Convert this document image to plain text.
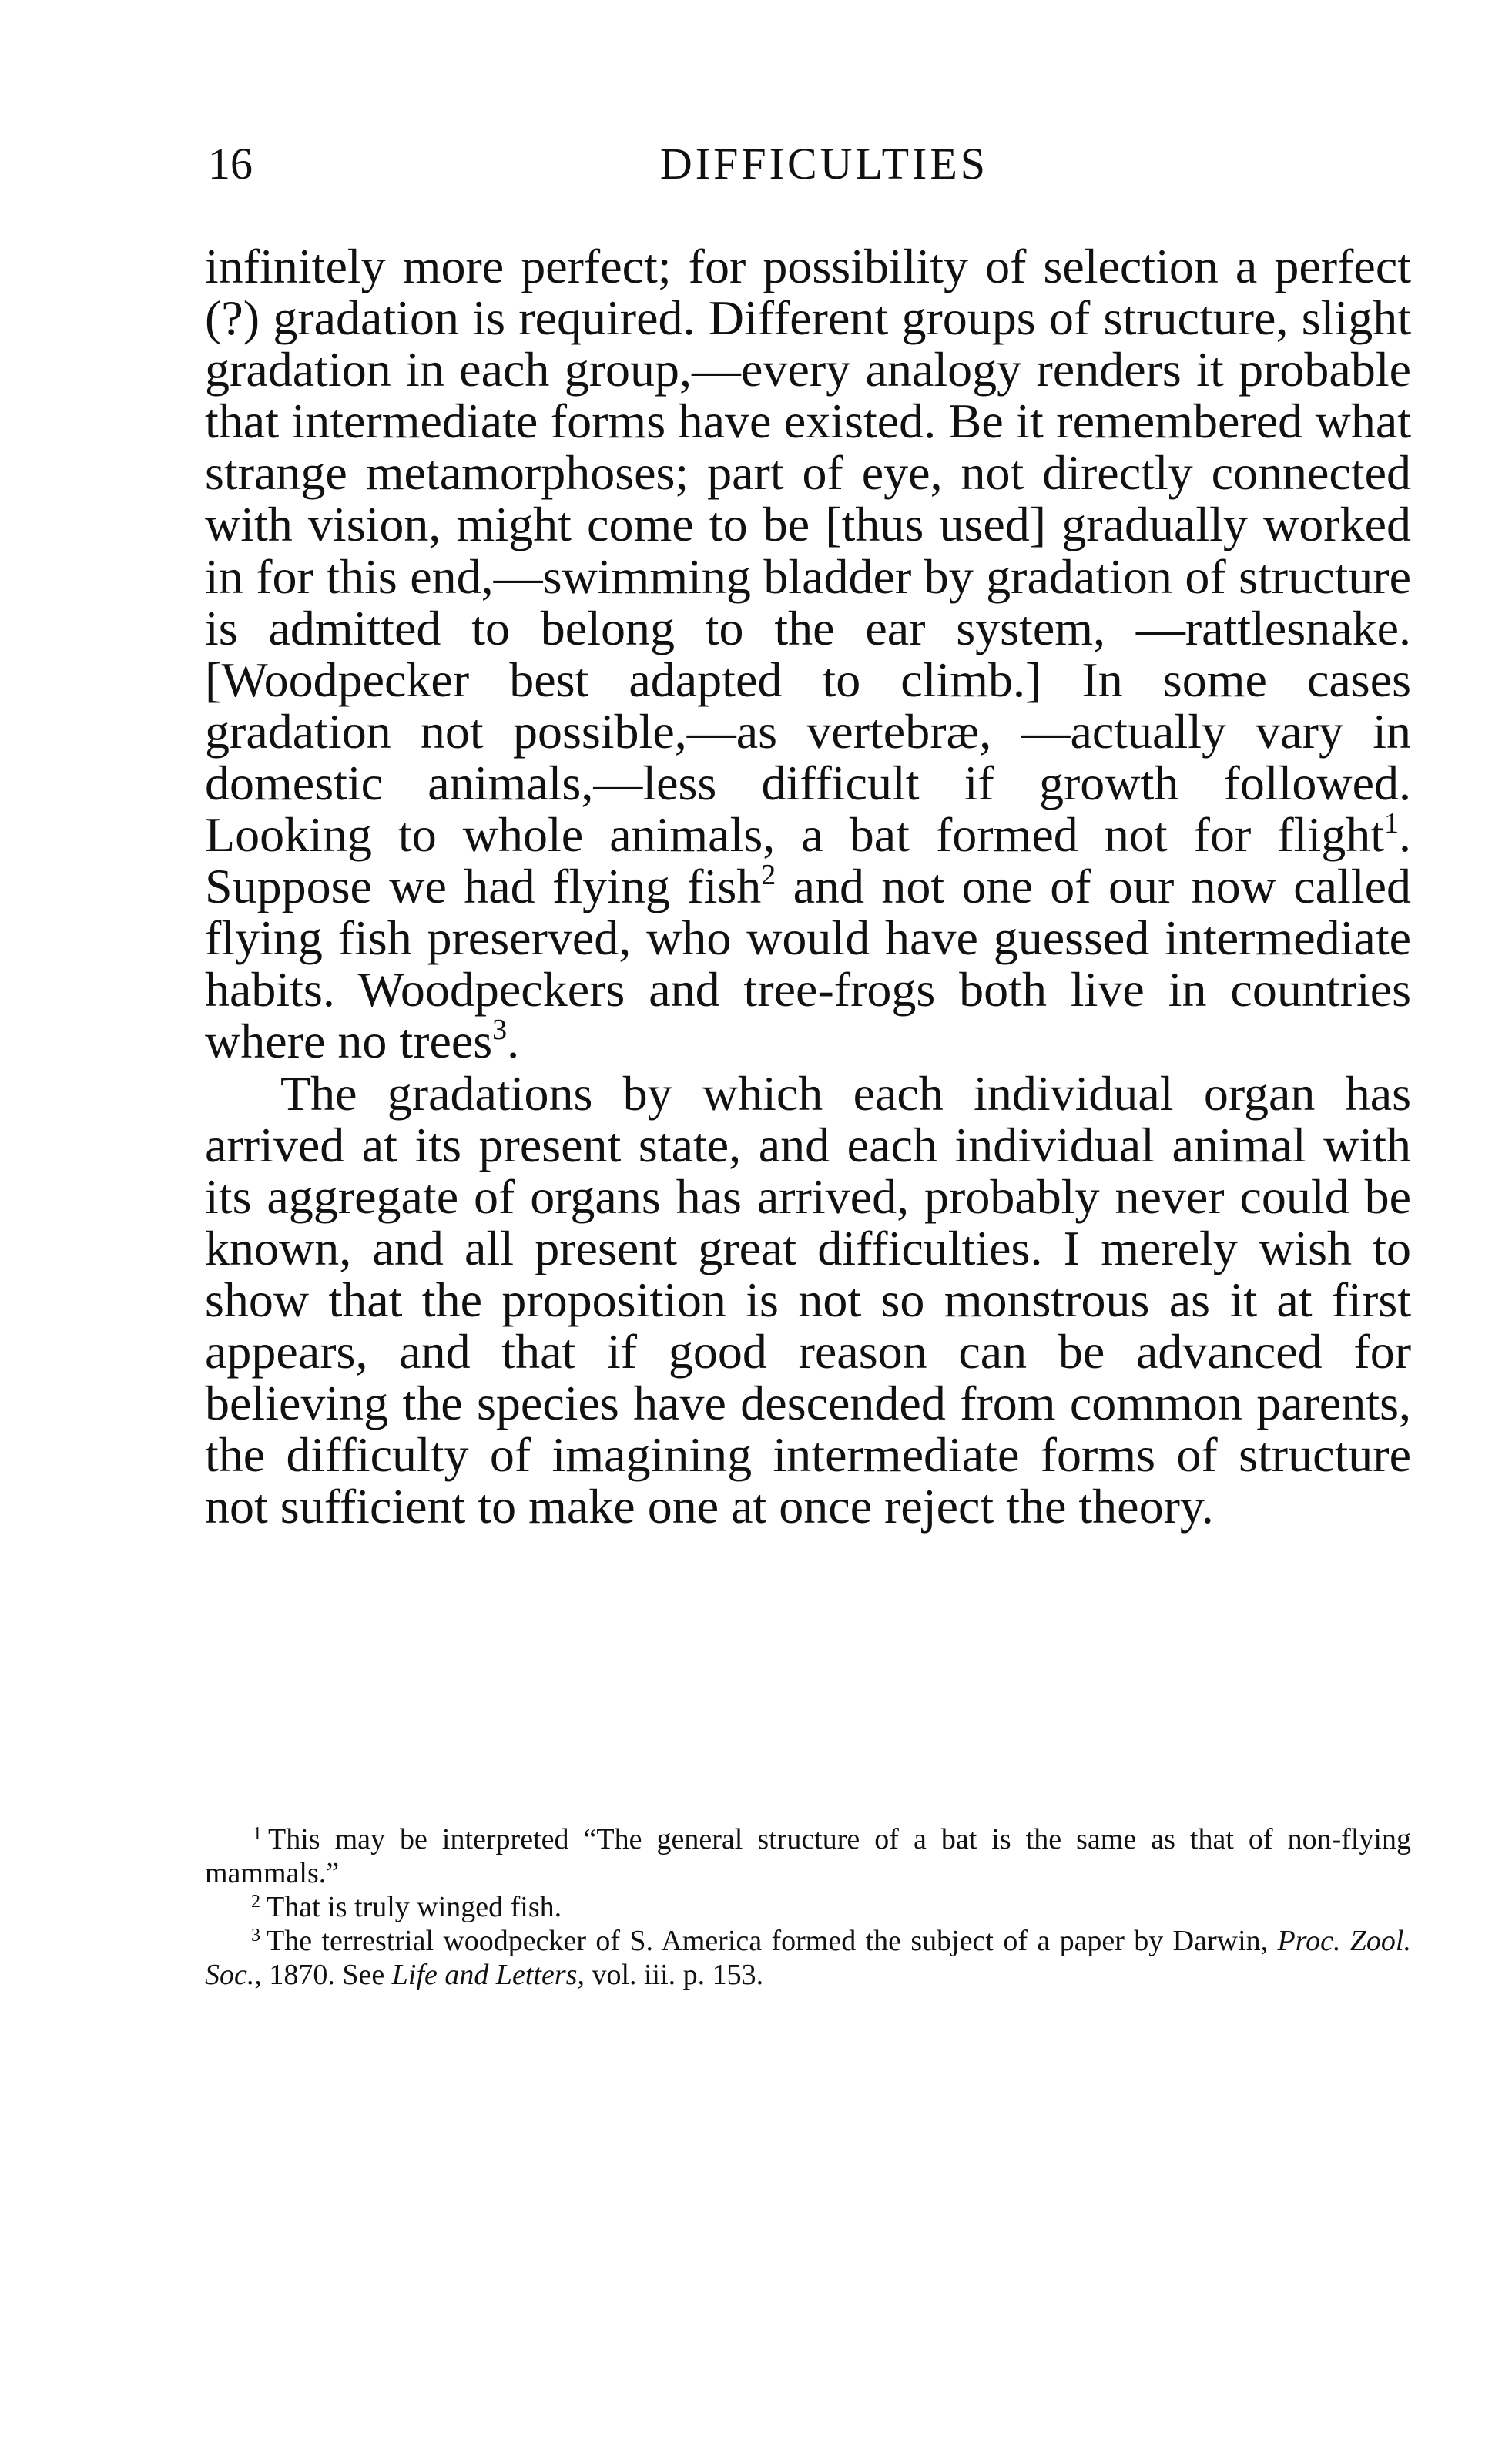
16	DIFFICULTIES

infinitely more perfect; for possibility of selection a perfect (?) gradation is required. Different groups of structure, slight gradation in each group,—every analogy renders it probable that intermediate forms have existed. Be it remembered what strange metamorphoses; part of eye, not directly connected with vision, might come to be [thus used] gradually worked in for this end,—swimming bladder by gradation of structure is admitted to belong to the ear system, —rattlesnake. [Woodpecker best adapted to climb.] In some cases gradation not possible,—as vertebræ, —actually vary in domestic animals,—less difficult if growth followed. Looking to whole animals, a bat formed not for flight$^1$. Suppose we had flying fish$^2$ and not one of our now called flying fish preserved, who would have guessed intermediate habits. Woodpeckers and tree-frogs both live in countries where no trees$^3$.

The gradations by which each individual organ has arrived at its present state, and each individual animal with its aggregate of organs has arrived, probably never could be known, and all present great difficulties. I merely wish to show that the proposition is not so monstrous as it at first appears, and that if good reason can be advanced for believing the species have descended from common parents, the difficulty of imagining intermediate forms of structure not sufficient to make one at once reject the theory.

$^1$ This may be interpreted “The general structure of a bat is the same as that of non-flying mammals.”

$^2$ That is truly winged fish.

$^3$ The terrestrial woodpecker of S. America formed the subject of a paper by Darwin, Proc. Zool. Soc., 1870. See Life and Letters, vol. iii. p. 153.
